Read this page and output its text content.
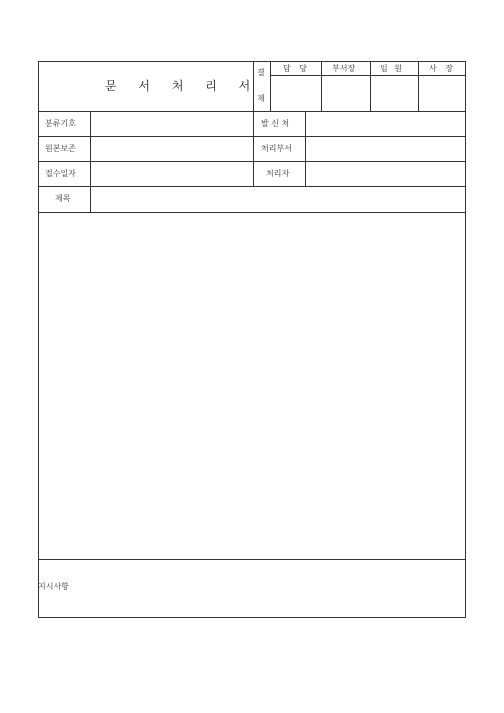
문 서 처 리 서
결
재
담 당	부서장	임 원	사 장
분류기호	발 신 처
원본보존	처리부서
접수일자	처리자
제목
지시사항
